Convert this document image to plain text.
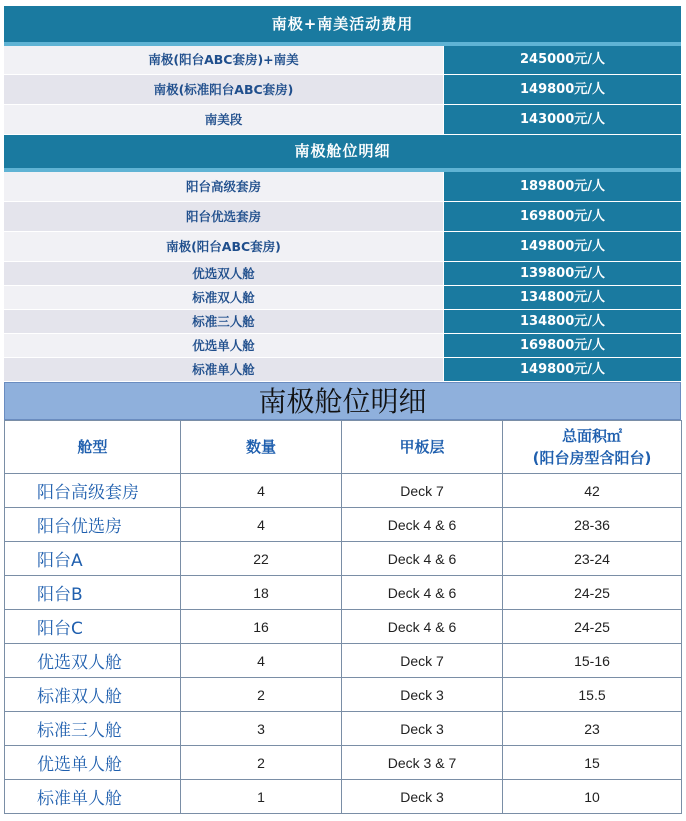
南极+南美活动费用
南极(阳台ABC套房)+南美	245000元/人
南极(标准阳台ABC套房)	149800元/人
南美段	143000元/人
南极舱位明细
阳台高级套房	189800元/人
阳台优选套房	169800元/人
南极(阳台ABC套房)	149800元/人
优选双人舱	139800元/人
标准双人舱	134800元/人
标准三人舱	134800元/人
优选单人舱	169800元/人
标准单人舱	149800元/人
南极舱位明细
舱型	数量	甲板层	总面积㎡
(阳台房型含阳台)

阳台高级套房	4	Deck 7	42
阳台优选房	4	Deck 4 & 6	28-36
阳台A	22	Deck 4 & 6	23-24
阳台B	18	Deck 4 & 6	24-25
阳台C	16	Deck 4 & 6	24-25
优选双人舱	4	Deck 7	15-16
标准双人舱	2	Deck 3	15.5
标准三人舱	3	Deck 3	23
优选单人舱	2	Deck 3 & 7	15
标准单人舱	1	Deck 3	10
